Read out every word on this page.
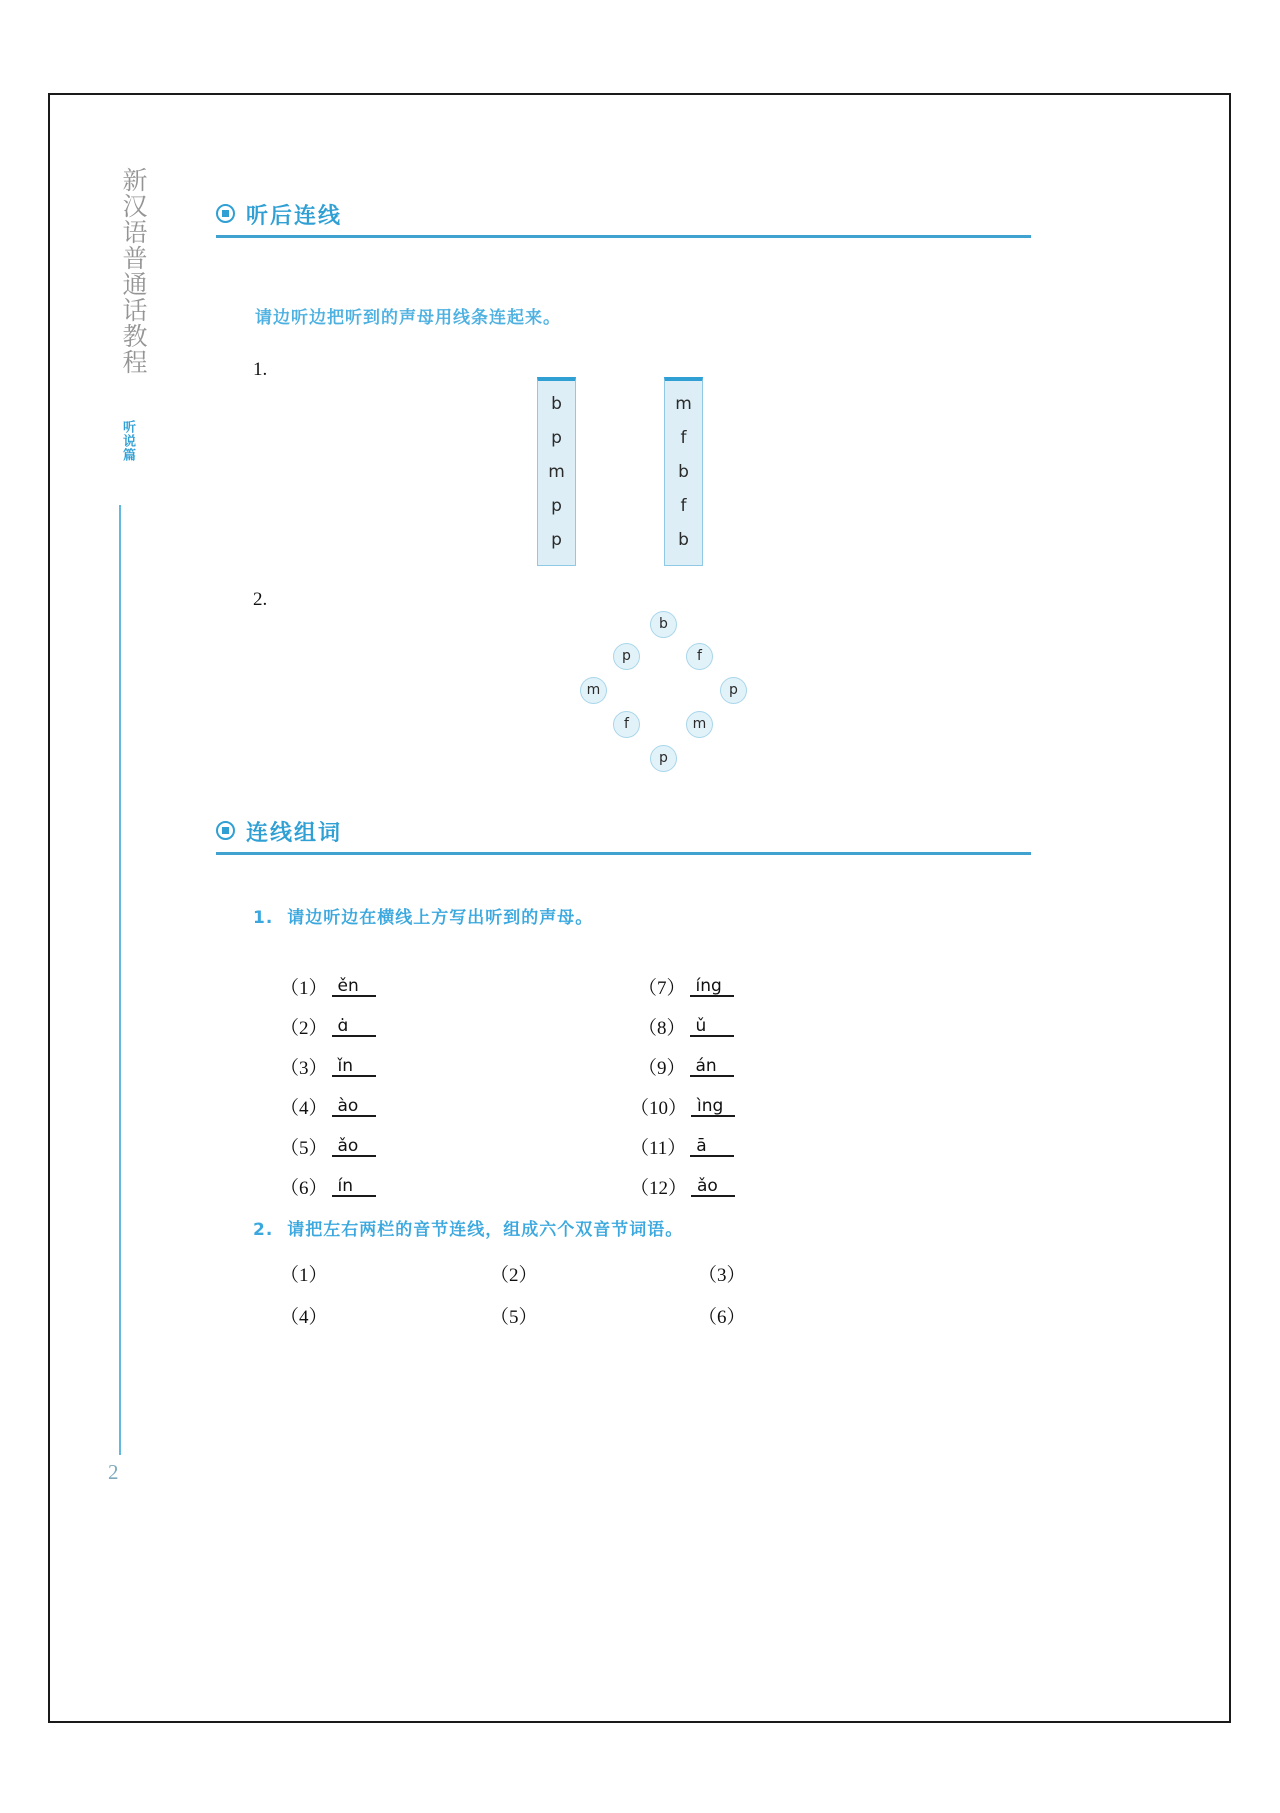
新汉语普通话教程
听说篇
2
听后连线
请边听边把听到的声母用线条连起来。
1.
b
p
m
p
p
m
f
b
f
b
2.
b
p	f
m	p
f	m
p
连线组词
1. 请边听边在横线上方写出听到的声母。
（1） ěn
（2） ɑ̇
（3） ǐn
（4） ào
（5） ǎo
（6） ín
（7） íng
（8） ǔ
（9） án
（10） ìng
（11） ā
（12） ǎo
2. 请把左右两栏的音节连线，组成六个双音节词语。
（1）	（2）	（3）
（4）	（5）	（6）
